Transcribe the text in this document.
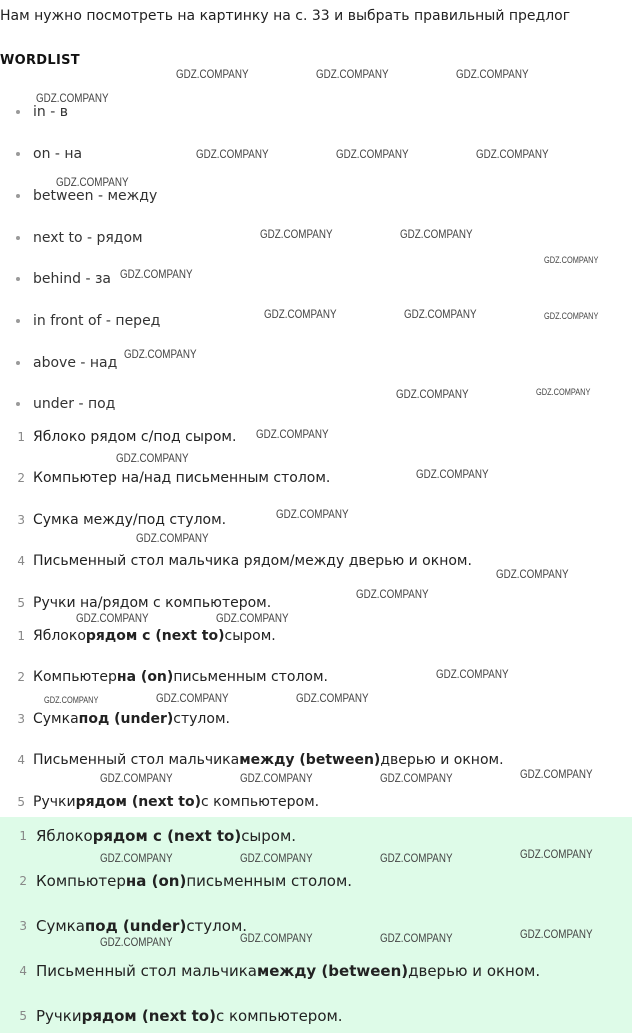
Нам нужно посмотреть на картинку на с. 33 и выбрать правильный предлог
WORDLIST
in - в
on - на
between - между
next to - рядом
behind - за
in front of - перед
above - над
under - под
1 Яблоко рядом с/под сыром.
2 Компьютер на/над письменным столом.
3 Сумка между/под стулом.
4 Письменный стол мальчика рядом/между дверью и окном.
5 Ручки на/рядом с компьютером.
1 Яблоко рядом с (next to) сыром.
2 Компьютер на (on) письменным столом.
3 Сумка под (under) стулом.
4 Письменный стол мальчика между (between) дверью и окном.
5 Ручки рядом (next to) с компьютером.
1 Яблоко рядом с (next to) сыром.
2 Компьютер на (on) письменным столом.
3 Сумка под (under) стулом.
4 Письменный стол мальчика между (between) дверью и окном.
5 Ручки рядом (next to) с компьютером.
GDZ.COMPANY	GDZ.COMPANY	GDZ.COMPANY
GDZ.COMPANY
GDZ.COMPANY	GDZ.COMPANY	GDZ.COMPANY
GDZ.COMPANY
GDZ.COMPANY	GDZ.COMPANY
GDZ.COMPANY
GDZ.COMPANY
GDZ.COMPANY	GDZ.COMPANY	GDZ.COMPANY
GDZ.COMPANY
GDZ.COMPANY	GDZ.COMPANY
GDZ.COMPANY
GDZ.COMPANY
GDZ.COMPANY
GDZ.COMPANY
GDZ.COMPANY
GDZ.COMPANY
GDZ.COMPANY
GDZ.COMPANY	GDZ.COMPANY
GDZ.COMPANY
GDZ.COMPANY	GDZ.COMPANY	GDZ.COMPANY
GDZ.COMPANY
GDZ.COMPANY	GDZ.COMPANY	GDZ.COMPANY
GDZ.COMPANY
GDZ.COMPANY	GDZ.COMPANY	GDZ.COMPANY
GDZ.COMPANY
GDZ.COMPANY	GDZ.COMPANY
GDZ.COMPANY
